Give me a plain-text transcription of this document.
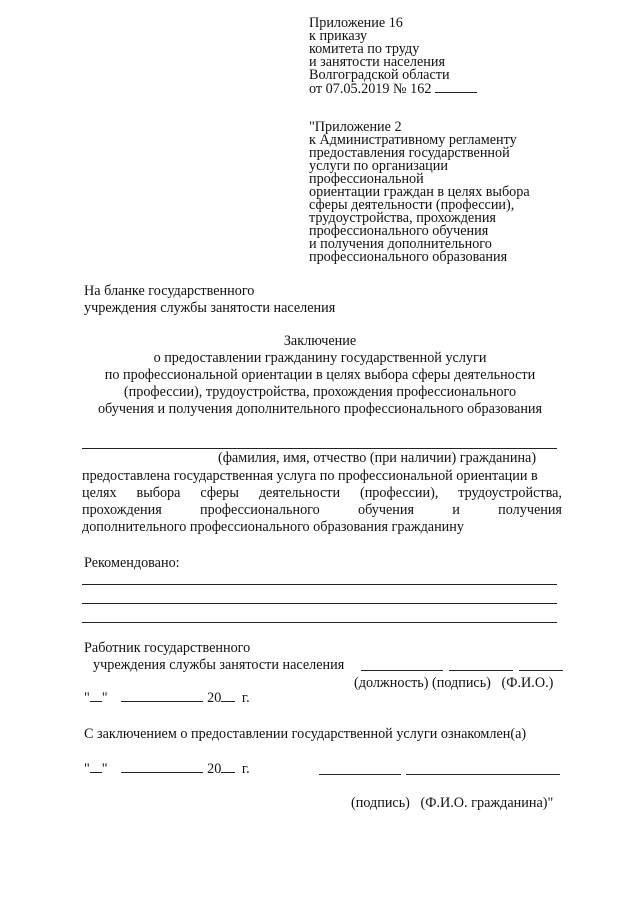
Приложение 16
к приказу
комитета по труду
и занятости населения
Волгоградской области
от 07.05.2019 № 162
"Приложение 2
к Административному регламенту
предоставления государственной
услуги по организации
профессиональной
ориентации граждан в целях выбора
сферы деятельности (профессии),
трудоустройства, прохождения
профессионального обучения
и получения дополнительного
профессионального образования
На бланке государственного
учреждения службы занятости населения
Заключение
о предоставлении гражданину государственной услуги
по профессиональной ориентации в целях выбора сферы деятельности
(профессии), трудоустройства, прохождения профессионального
обучения и получения дополнительного профессионального образования
(фамилия, имя, отчество (при наличии) гражданина)
предоставлена государственная услуга по профессиональной ориентации в
целях выбора сферы деятельности (профессии), трудоустройства,
прохождения	профессионального	обучения	и	получения
дополнительного профессионального образования гражданину
Рекомендовано:
Работник государственного
учреждения службы занятости населения
(должность) (подпись)   (Ф.И.О.)
" "	20 г.
С заключением о предоставлении государственной услуги ознакомлен(а)
" "	20 г.
(подпись)   (Ф.И.О. гражданина)"
